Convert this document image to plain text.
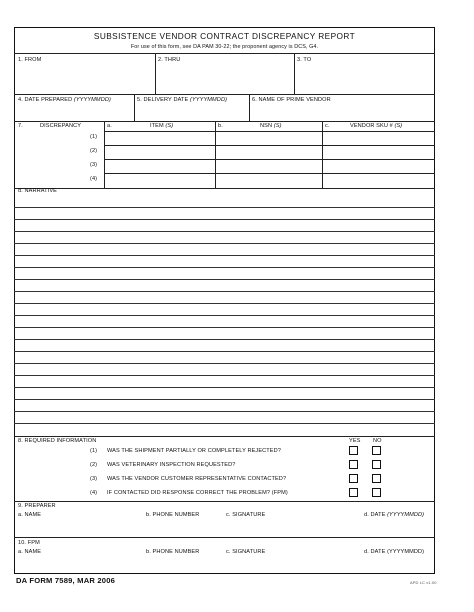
SUBSISTENCE VENDOR CONTRACT DISCREPANCY REPORT
For use of this form, see DA PAM 30-22; the proponent agency is DCS, G4.
1. FROM	2. THRU	3. TO
4. DATE PREPARED (YYYYMMDD)	5. DELIVERY DATE (YYYYMMDD)	6. NAME OF PRIME VENDOR
7.	DISCREPANCY	a.	ITEM (S)	b.	NSN (S)	c.	VENDOR SKU # (S)
(1)
(2)
(3)
(4)
d. NARRATIVE
8. REQUIRED INFORMATION	YES NO
(1) WAS THE SHIPMENT PARTIALLY OR COMPLETELY REJECTED?
(2) WAS VETERINARY INSPECTION REQUESTED?
(3) WAS THE VENDOR CUSTOMER REPRESENTATIVE CONTACTED?
(4) IF CONTACTED DID RESPONSE CORRECT THE PROBLEM? (FPM)
9. PREPARER
a. NAME	b. PHONE NUMBER	c. SIGNATURE	d. DATE (YYYYMMDD)
10. FPM
a. NAME	b. PHONE NUMBER	c. SIGNATURE	d. DATE (YYYYMMDD)
DA FORM 7589, MAR 2006	APD LC v1.00
